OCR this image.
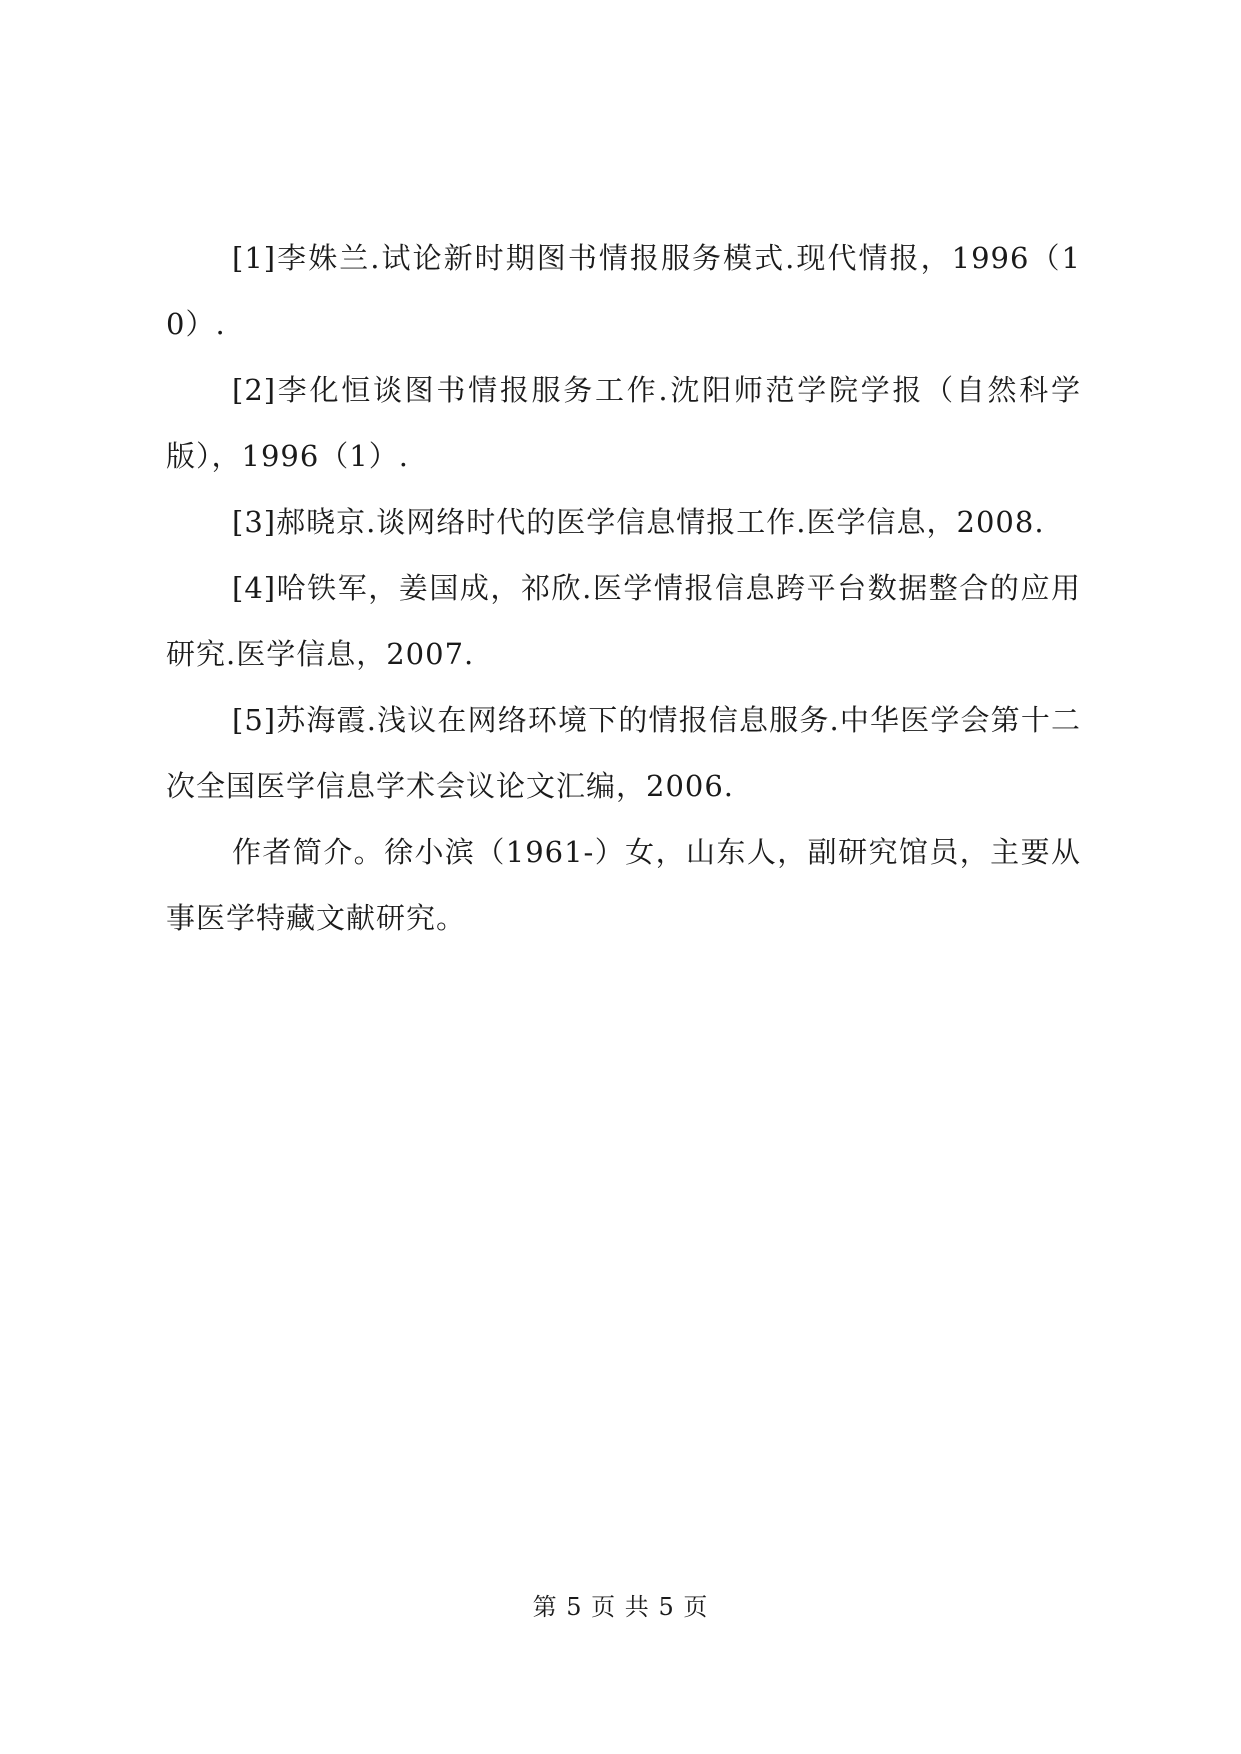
[1]李姝兰.试论新时期图书情报服务模式.现代情报，1996（10）.

[2]李化恒谈图书情报服务工作.沈阳师范学院学报（自然科学版），1996（1）.

[3]郝晓京.谈网络时代的医学信息情报工作.医学信息，2008.

[4]哈铁军，姜国成，祁欣.医学情报信息跨平台数据整合的应用研究.医学信息，2007.

[5]苏海霞.浅议在网络环境下的情报信息服务.中华医学会第十二次全国医学信息学术会议论文汇编，2006.

作者简介。徐小滨（1961-）女，山东人，副研究馆员，主要从事医学特藏文献研究。

第 5 页 共 5 页
